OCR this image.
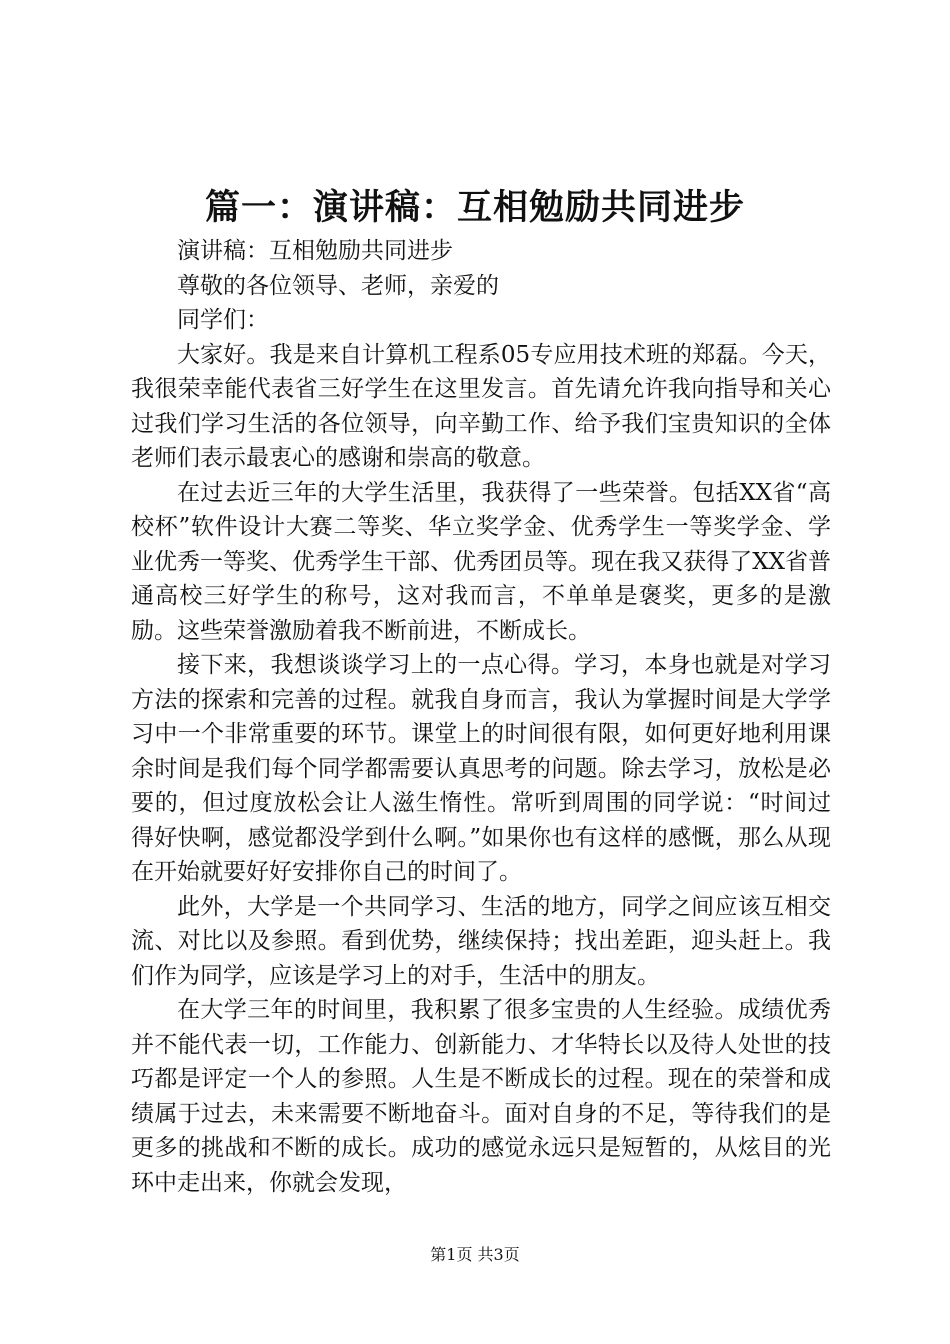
篇一：演讲稿：互相勉励共同进步

演讲稿：互相勉励共同进步

尊敬的各位领导、老师，亲爱的

同学们：

大家好。我是来自计算机工程系05专应用技术班的郑磊。今天，我很荣幸能代表省三好学生在这里发言。首先请允许我向指导和关心过我们学习生活的各位领导，向辛勤工作、给予我们宝贵知识的全体老师们表示最衷心的感谢和崇高的敬意。

在过去近三年的大学生活里，我获得了一些荣誉。包括XX省“高校杯”软件设计大赛二等奖、华立奖学金、优秀学生一等奖学金、学业优秀一等奖、优秀学生干部、优秀团员等。现在我又获得了XX省普通高校三好学生的称号，这对我而言，不单单是褒奖，更多的是激励。这些荣誉激励着我不断前进，不断成长。

接下来，我想谈谈学习上的一点心得。学习，本身也就是对学习方法的探索和完善的过程。就我自身而言，我认为掌握时间是大学学习中一个非常重要的环节。课堂上的时间很有限，如何更好地利用课余时间是我们每个同学都需要认真思考的问题。除去学习，放松是必要的，但过度放松会让人滋生惰性。常听到周围的同学说：“时间过得好快啊，感觉都没学到什么啊。”如果你也有这样的感慨，那么从现在开始就要好好安排你自己的时间了。

此外，大学是一个共同学习、生活的地方，同学之间应该互相交流、对比以及参照。看到优势，继续保持；找出差距，迎头赶上。我们作为同学，应该是学习上的对手，生活中的朋友。

在大学三年的时间里，我积累了很多宝贵的人生经验。成绩优秀并不能代表一切，工作能力、创新能力、才华特长以及待人处世的技巧都是评定一个人的参照。人生是不断成长的过程。现在的荣誉和成绩属于过去，未来需要不断地奋斗。面对自身的不足，等待我们的是更多的挑战和不断的成长。成功的感觉永远只是短暂的，从炫目的光环中走出来，你就会发现，

第1页 共3页
